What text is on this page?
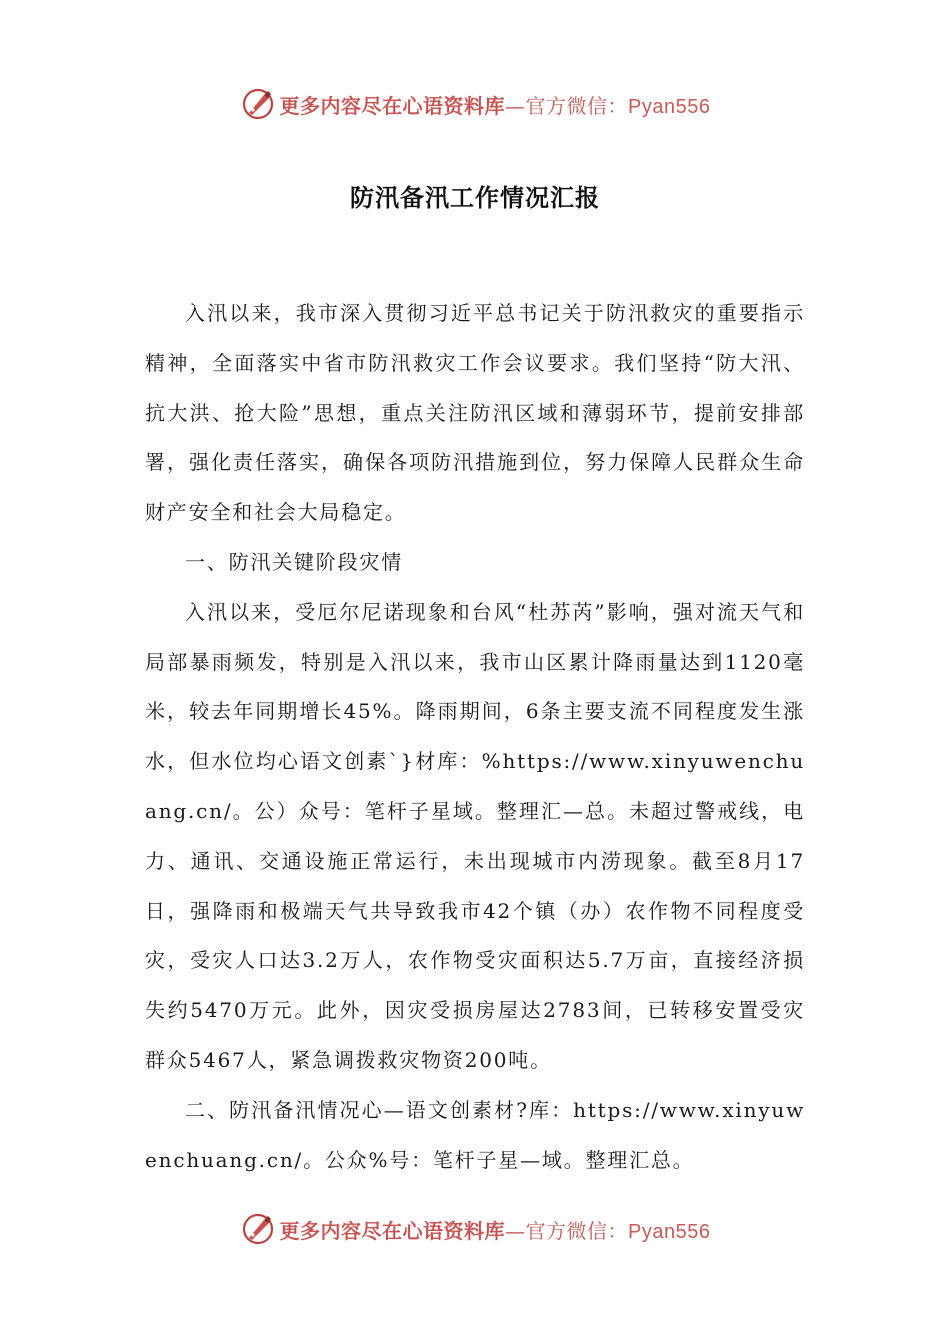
更多内容尽在心语资料库—官方微信：Pyan556
防汛备汛工作情况汇报

入汛以来，我市深入贯彻习近平总书记关于防汛救灾的重要指示精神，全面落实中省市防汛救灾工作会议要求。我们坚持“防大汛、抗大洪、抢大险”思想，重点关注防汛区域和薄弱环节，提前安排部署，强化责任落实，确保各项防汛措施到位，努力保障人民群众生命财产安全和社会大局稳定。

一、防汛关键阶段灾情

入汛以来，受厄尔尼诺现象和台风“杜苏芮”影响，强对流天气和局部暴雨频发，特别是入汛以来，我市山区累计降雨量达到1120毫米，较去年同期增长45%。降雨期间，6条主要支流不同程度发生涨水，但水位均心语文创素`}材库：%https://www.xinyuwenchuang.cn/。公）众号：笔杆子星域。整理汇—总。未超过警戒线，电力、通讯、交通设施正常运行，未出现城市内涝现象。截至8月17日，强降雨和极端天气共导致我市42个镇（办）农作物不同程度受灾，受灾人口达3.2万人，农作物受灾面积达5.7万亩，直接经济损失约5470万元。此外，因灾受损房屋达2783间，已转移安置受灾群众5467人，紧急调拨救灾物资200吨。

二、防汛备汛情况心—语文创素材?库：https://www.xinyuwenchuang.cn/。公众%号：笔杆子星—域。整理汇总。

更多内容尽在心语资料库—官方微信：Pyan556
